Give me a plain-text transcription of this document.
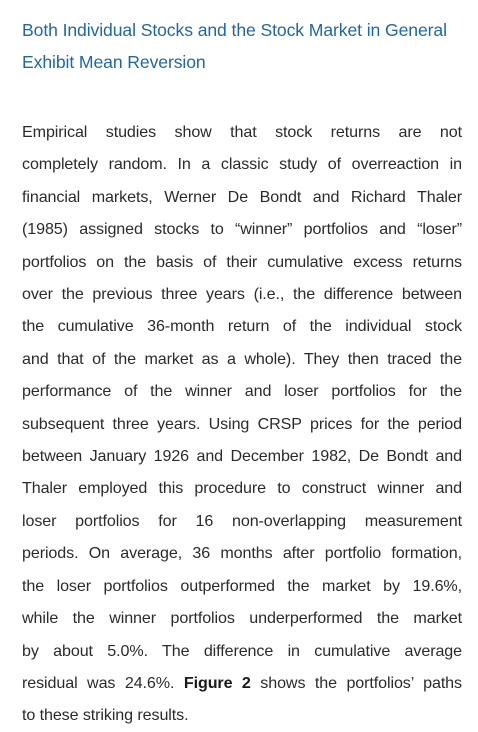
Both Individual Stocks and the Stock Market in General
Exhibit Mean Reversion
Empirical studies show that stock returns are not
completely random. In a classic study of overreaction in
financial markets, Werner De Bondt and Richard Thaler
(1985) assigned stocks to “winner” portfolios and “loser”
portfolios on the basis of their cumulative excess returns
over the previous three years (i.e., the difference between
the cumulative 36-month return of the individual stock
and that of the market as a whole). They then traced the
performance of the winner and loser portfolios for the
subsequent three years. Using CRSP prices for the period
between January 1926 and December 1982, De Bondt and
Thaler employed this procedure to construct winner and
loser portfolios for 16 non-overlapping measurement
periods. On average, 36 months after portfolio formation,
the loser portfolios outperformed the market by 19.6%,
while the winner portfolios underperformed the market
by about 5.0%. The difference in cumulative average
residual was 24.6%. Figure 2 shows the portfolios’ paths
to these striking results.
